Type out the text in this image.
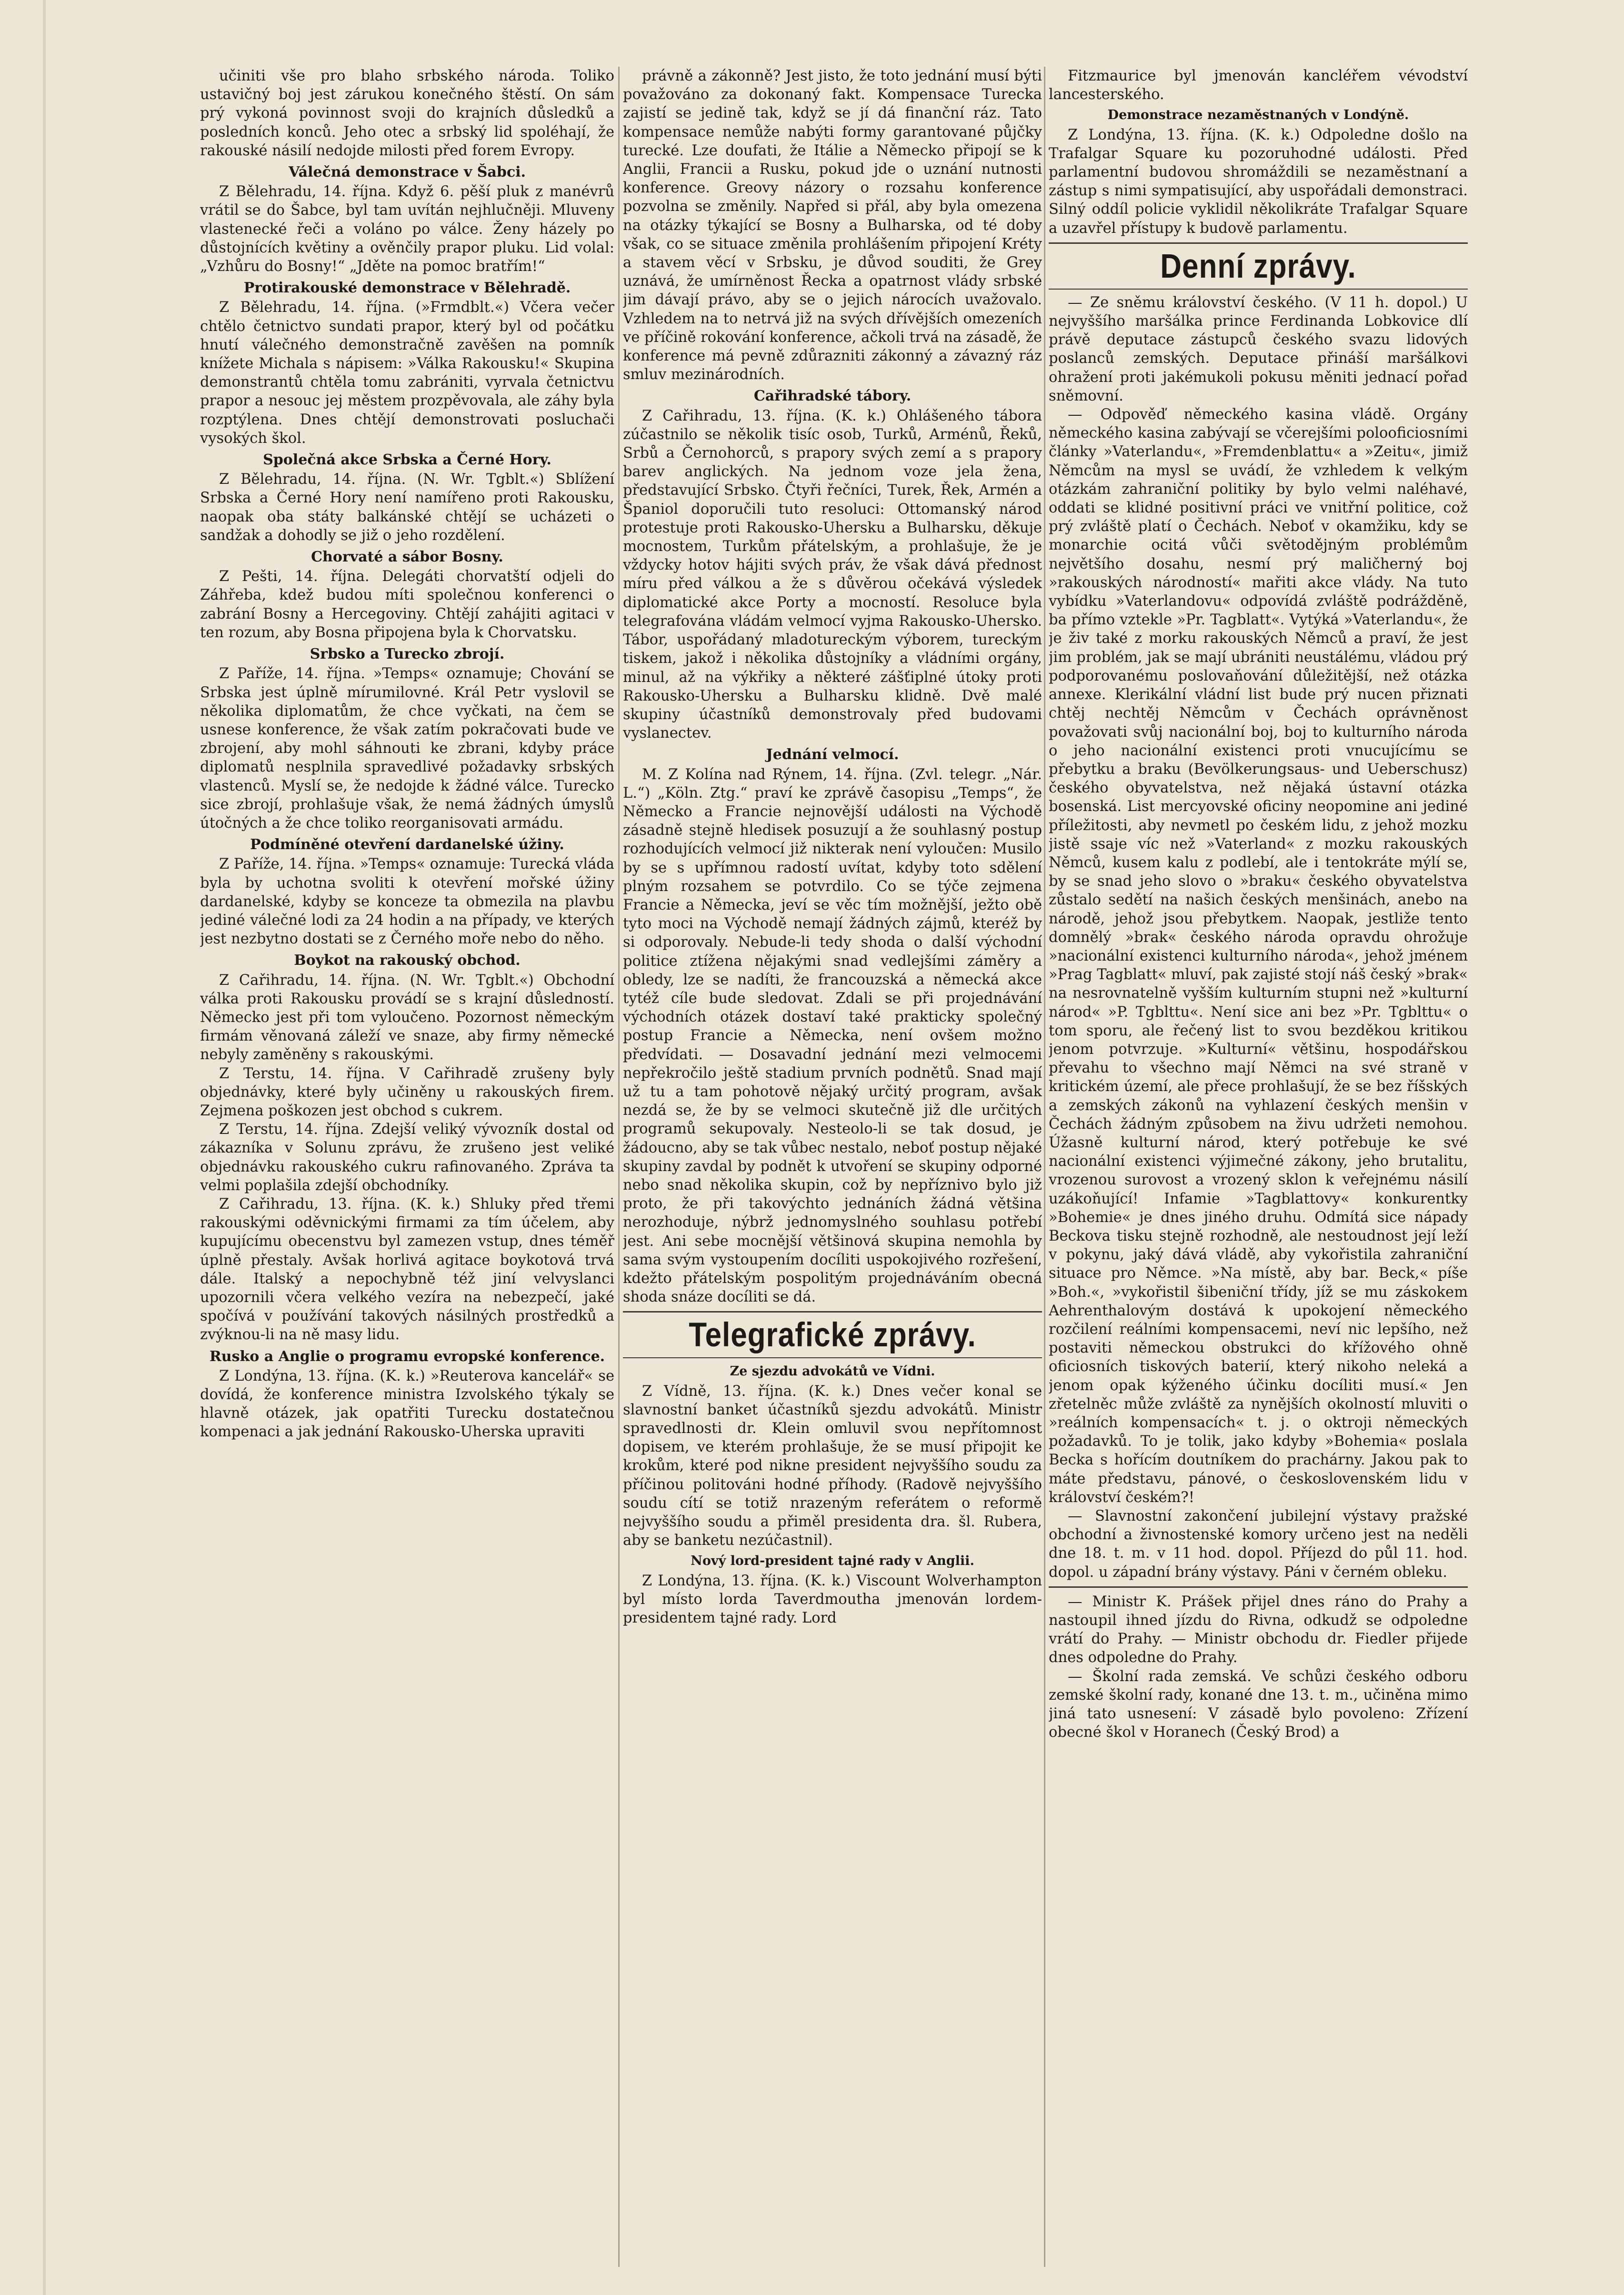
učiniti vše pro blaho srbského národa. Toliko ustavičný boj jest zárukou konečného štěstí. On sám prý vykoná povinnost svoji do krajních důsledků a posledních konců. Jeho otec a srbský lid spoléhají, že rakouské násilí nedojde milosti před forem Evropy.

Válečná demonstrace v Šabci.

Z Bělehradu, 14. října. Když 6. pěší pluk z manévrů vrátil se do Šabce, byl tam uvítán nejhlučněji. Mluveny vlastenecké řeči a voláno po válce. Ženy házely po důstojnících květiny a ověnčily prapor pluku. Lid volal: „Vzhůru do Bosny!“ „Jděte na pomoc bratřím!“

Protirakouské demonstrace v Bělehradě.

Z Bělehradu, 14. října. (»Frmdblt.«) Včera večer chtělo četnictvo sundati prapor, který byl od počátku hnutí válečného demonstračně zavěšen na pomník knížete Michala s nápisem: »Válka Rakousku!« Skupina demonstrantů chtěla tomu zabrániti, vyrvala četnictvu prapor a nesouc jej městem prozpěvovala, ale záhy byla rozptýlena. Dnes chtějí demonstrovati posluchači vysokých škol.

Společná akce Srbska a Černé Hory.

Z Bělehradu, 14. října. (N. Wr. Tgblt.«) Sblížení Srbska a Černé Hory není namířeno proti Rakousku, naopak oba státy balkánské chtějí se ucházeti o sandžak a dohodly se již o jeho rozdělení.

Chorvaté a sábor Bosny.

Z Pešti, 14. října. Delegáti chorvatští odjeli do Záhřeba, kdež budou míti společnou konferenci o zabrání Bosny a Hercegoviny. Chtějí zahájiti agitaci v ten rozum, aby Bosna připojena byla k Chorvatsku.

Srbsko a Turecko zbrojí.

Z Paříže, 14. října. »Temps« oznamuje; Chování se Srbska jest úplně mírumilovné. Král Petr vyslovil se několika diplomatům, že chce vyčkati, na čem se usnese konference, že však zatím pokračovati bude ve zbrojení, aby mohl sáhnouti ke zbrani, kdyby práce diplomatů nesplnila spravedlivé požadavky srbských vlastenců. Myslí se, že nedojde k žádné válce. Turecko sice zbrojí, prohlašuje však, že nemá žádných úmyslů útočných a že chce toliko reorganisovati armádu.

Podmíněné otevření dardanelské úžiny.

Z Paříže, 14. října. »Temps« oznamuje: Turecká vláda byla by uchotna svoliti k otevření mořské úžiny dardanelské, kdyby se konceze ta obmezila na plavbu jediné válečné lodi za 24 hodin a na případy, ve kterých jest nezbytno dostati se z Černého moře nebo do něho.

Boykot na rakouský obchod.

Z Cařihradu, 14. října. (N. Wr. Tgblt.«) Obchodní válka proti Rakousku provádí se s krajní důsledností. Německo jest při tom vyloučeno. Pozornost německým firmám věnovaná záleží ve snaze, aby firmy německé nebyly zaměněny s rakouskými.

Z Terstu, 14. října. V Cařihradě zrušeny byly objednávky, které byly učiněny u rakouských firem. Zejmena poškozen jest obchod s cukrem.

Z Terstu, 14. října. Zdejší veliký vývozník dostal od zákazníka v Solunu zprávu, že zrušeno jest veliké objednávku rakouského cukru rafinovaného. Zpráva ta velmi poplašila zdejší obchodníky.

Z Cařihradu, 13. října. (K. k.) Shluky před třemi rakouskými oděvnickými firmami za tím účelem, aby kupujícímu obecenstvu byl zamezen vstup, dnes téměř úplně přestaly. Avšak horlivá agitace boykotová trvá dále. Italský a nepochybně též jiní velvyslanci upozornili včera velkého vezíra na nebezpečí, jaké spočívá v používání takových násilných prostředků a zvýknou-li na ně masy lidu.

Rusko a Anglie o programu evropské konference.

Z Londýna, 13. října. (K. k.) »Reuterova kancelář« se dovídá, že konference ministra Izvolského týkaly se hlavně otázek, jak opatřiti Turecku dostatečnou kompenaci a jak jednání Rakousko-Uherska upraviti

právně a zákonně? Jest jisto, že toto jednání musí býti považováno za dokonaný fakt. Kompensace Turecka zajistí se jedině tak, když se jí dá finanční ráz. Tato kompensace nemůže nabýti formy garantované půjčky turecké. Lze doufati, že Itálie a Německo připojí se k Anglii, Francii a Rusku, pokud jde o uznání nutnosti konference. Greovy názory o rozsahu konference pozvolna se změnily. Napřed si přál, aby byla omezena na otázky týkající se Bosny a Bulharska, od té doby však, co se situace změnila prohlášením připojení Kréty a stavem věcí v Srbsku, je důvod souditi, že Grey uznává, že umírněnost Řecka a opatrnost vlády srbské jim dávají právo, aby se o jejich nárocích uvažovalo. Vzhledem na to netrvá již na svých dřívějších omezeních ve příčině rokování konference, ačkoli trvá na zásadě, že konference má pevně zdůrazniti zákonný a závazný ráz smluv mezinárodních.

Cařihradské tábory.

Z Cařihradu, 13. října. (K. k.) Ohlášeného tábora zúčastnilo se několik tisíc osob, Turků, Arménů, Řeků, Srbů a Černohorců, s prapory svých zemí a s prapory barev anglických. Na jednom voze jela žena, představující Srbsko. Čtyři řečníci, Turek, Řek, Armén a Španiol doporučili tuto resoluci: Ottomanský národ protestuje proti Rakousko-Uhersku a Bulharsku, děkuje mocnostem, Turkům přátelským, a prohlašuje, že je vždycky hotov hájiti svých práv, že však dává přednost míru před válkou a že s důvěrou očekává výsledek diplomatické akce Porty a mocností. Resoluce byla telegrafována vládám velmocí vyjma Rakousko-Uhersko. Tábor, uspořádaný mladotureckým výborem, tureckým tiskem, jakož i několika důstojníky a vládními orgány, minul, až na výkřiky a některé zášťiplné útoky proti Rakousko-Uhersku a Bulharsku klidně. Dvě malé skupiny účastníků demonstrovaly před budovami vyslanectev.

Jednání velmocí.

M. Z Kolína nad Rýnem, 14. října. (Zvl. telegr. „Nár. L.“) „Köln. Ztg.“ praví ke zprávě časopisu „Temps“, že Německo a Francie nejnovější události na Východě zásadně stejně hledisek posuzují a že souhlasný postup rozhodujících velmocí již nikterak není vyloučen: Musilo by se s upřímnou radostí uvítat, kdyby toto sdělení plným rozsahem se potvrdilo. Co se týče zejmena Francie a Německa, jeví se věc tím možnější, ježto obě tyto moci na Východě nemají žádných zájmů, kteréž by si odporovaly. Nebude-li tedy shoda o další východní politice ztížena nějakými snad vedlejšími záměry a obledy, lze se nadíti, že francouzská a německá akce tytéž cíle bude sledovat. Zdali se při projednávání východních otázek dostaví také prakticky společný postup Francie a Německa, není ovšem možno předvídati. — Dosavadní jednání mezi velmocemi nepřekročilo ještě stadium prvních podnětů. Snad mají už tu a tam pohotově nějaký určitý program, avšak nezdá se, že by se velmoci skutečně již dle určitých programů sekupovaly. Nesteolo-li se tak dosud, je žádoucno, aby se tak vůbec nestalo, neboť postup nějaké skupiny zavdal by podnět k utvoření se skupiny odporné nebo snad několika skupin, což by nepříznivo bylo již proto, že při takovýchto jednáních žádná většina nerozhoduje, nýbrž jednomyslného souhlasu potřebí jest. Ani sebe mocnější většinová skupina nemohla by sama svým vystoupením docíliti uspokojivého rozřešení, kdežto přátelským pospolitým projednáváním obecná shoda snáze docíliti se dá.

Telegrafické zprávy.
Ze sjezdu advokátů ve Vídni.

Z Vídně, 13. října. (K. k.) Dnes večer konal se slavnostní banket účastníků sjezdu advokátů. Ministr spravedlnosti dr. Klein omluvil svou nepřítomnost dopisem, ve kterém prohlašuje, že se musí připojit ke krokům, které pod nikne president nejvyššího soudu za příčinou politováni hodné příhody. (Radově nejvyššího soudu cítí se totiž nrazeným referátem o reformě nejvyššího soudu a přiměl presidenta dra. šl. Rubera, aby se banketu nezúčastnil).

Nový lord-president tajné rady v Anglii.

Z Londýna, 13. října. (K. k.) Viscount Wolverhampton byl místo lorda Taverdmoutha jmenován lordem-presidentem tajné rady. Lord

Fitzmaurice byl jmenován kancléřem vévodství lancesterského.

Demonstrace nezaměstnaných v Londýně.

Z Londýna, 13. října. (K. k.) Odpoledne došlo na Trafalgar Square ku pozoruhodné události. Před parlamentní budovou shromáždili se nezaměstnaní a zástup s nimi sympatisující, aby uspořádali demonstraci. Silný oddíl policie vyklidil několikráte Trafalgar Square a uzavřel přístupy k budově parlamentu.

Denní zprávy.

— Ze sněmu království českého. (V 11 h. dopol.) U nejvyššího maršálka prince Ferdinanda Lobkovice dlí právě deputace zástupců českého svazu lidových poslanců zemských. Deputace přináší maršálkovi ohražení proti jakémukoli pokusu měniti jednací pořad sněmovní.

— Odpověď německého kasina vládě. Orgány německého kasina zabývají se včerejšími polooficiosními články »Vaterlandu«, »Fremdenblattu« a »Zeitu«, jimiž Němcům na mysl se uvádí, že vzhledem k velkým otázkám zahraniční politiky by bylo velmi naléhavé, oddati se klidné positivní práci ve vnitřní politice, což prý zvláště platí o Čechách. Neboť v okamžiku, kdy se monarchie ocitá vůči světodějným problémům největšího dosahu, nesmí prý maličherný boj »rakouských národností« mařiti akce vlády. Na tuto vybídku »Vaterlandovu« odpovídá zvláště podrážděně, ba přímo vztekle »Pr. Tagblatt«. Vytýká »Vaterlandu«, že je živ také z morku rakouských Němců a praví, že jest jim problém, jak se mají ubrániti neustálému, vládou prý podporovanému poslovaňování důležitější, než otázka annexe. Klerikální vládní list bude prý nucen přiznati chtěj nechtěj Němcům v Čechách oprávněnost považovati svůj nacionální boj, boj to kulturního národa o jeho nacionální existenci proti vnucujícímu se přebytku a braku (Bevölkerungsaus- und Ueberschusz) českého obyvatelstva, než nějaká ústavní otázka bosenská. List mercyovské oficiny neopomine ani jediné příležitosti, aby nevmetl po českém lidu, z jehož mozku jistě ssaje víc než »Vaterland« z mozku rakouských Němců, kusem kalu z podlebí, ale i tentokráte mýlí se, by se snad jeho slovo o »braku« českého obyvatelstva zůstalo sedětí na našich českých menšinách, anebo na národě, jehož jsou přebytkem. Naopak, jestliže tento domnělý »brak« českého národa opravdu ohrožuje »nacionální existenci kulturního národa«, jehož jménem »Prag Tagblatt« mluví, pak zajisté stojí náš český »brak« na nesrovnatelně vyšším kulturním stupni než »kulturní národ« »P. Tgblttu«. Není sice ani bez »Pr. Tgblttu« o tom sporu, ale řečený list to svou bezděkou kritikou jenom potvrzuje. »Kulturní« většinu, hospodářskou převahu to všechno mají Němci na své straně v kritickém území, ale přece prohlašují, že se bez říšských a zemských zákonů na vyhlazení českých menšin v Čechách žádným způsobem na živu udržeti nemohou. Úžasně kulturní národ, který potřebuje ke své nacionální existenci výjimečné zákony, jeho brutalitu, vrozenou surovost a vrozený sklon k veřejnému násilí uzákoňující! Infamie »Tagblattovy« konkurentky »Bohemie« je dnes jiného druhu. Odmítá sice nápady Beckova tisku stejně rozhodně, ale nestoudnost její leží v pokynu, jaký dává vládě, aby vykořistila zahraniční situace pro Němce. »Na místě, aby bar. Beck,« píše »Boh.«, »vykořistil šibeniční třídy, jíž se mu záskokem Aehrenthalovým dostává k upokojení německého rozčilení reálními kompensacemi, neví nic lepšího, než postaviti německou obstrukci do křížového ohně oficiosních tiskových baterií, který nikoho neleká a jenom opak kýženého účinku docíliti musí.« Jen zřetelněc může zvláště za nynějších okolností mluviti o »reálních kompensacích« t. j. o oktroji německých požadavků. To je tolik, jako kdyby »Bohemia« poslala Becka s hořícím doutníkem do prachárny. Jakou pak to máte představu, pánové, o československém lidu v království českém?!

— Slavnostní zakončení jubilejní výstavy pražské obchodní a živnostenské komory určeno jest na neděli dne 18. t. m. v 11 hod. dopol. Příjezd do půl 11. hod. dopol. u západní brány výstavy. Páni v černém obleku.

— Ministr K. Prášek přijel dnes ráno do Prahy a nastoupil ihned jízdu do Rivna, odkudž se odpoledne vrátí do Prahy. — Ministr obchodu dr. Fiedler přijede dnes odpoledne do Prahy.

— Školní rada zemská. Ve schůzi českého odboru zemské školní rady, konané dne 13. t. m., učiněna mimo jiná tato usnesení: V zásadě bylo povoleno: Zřízení obecné škol v Horanech (Český Brod) a
